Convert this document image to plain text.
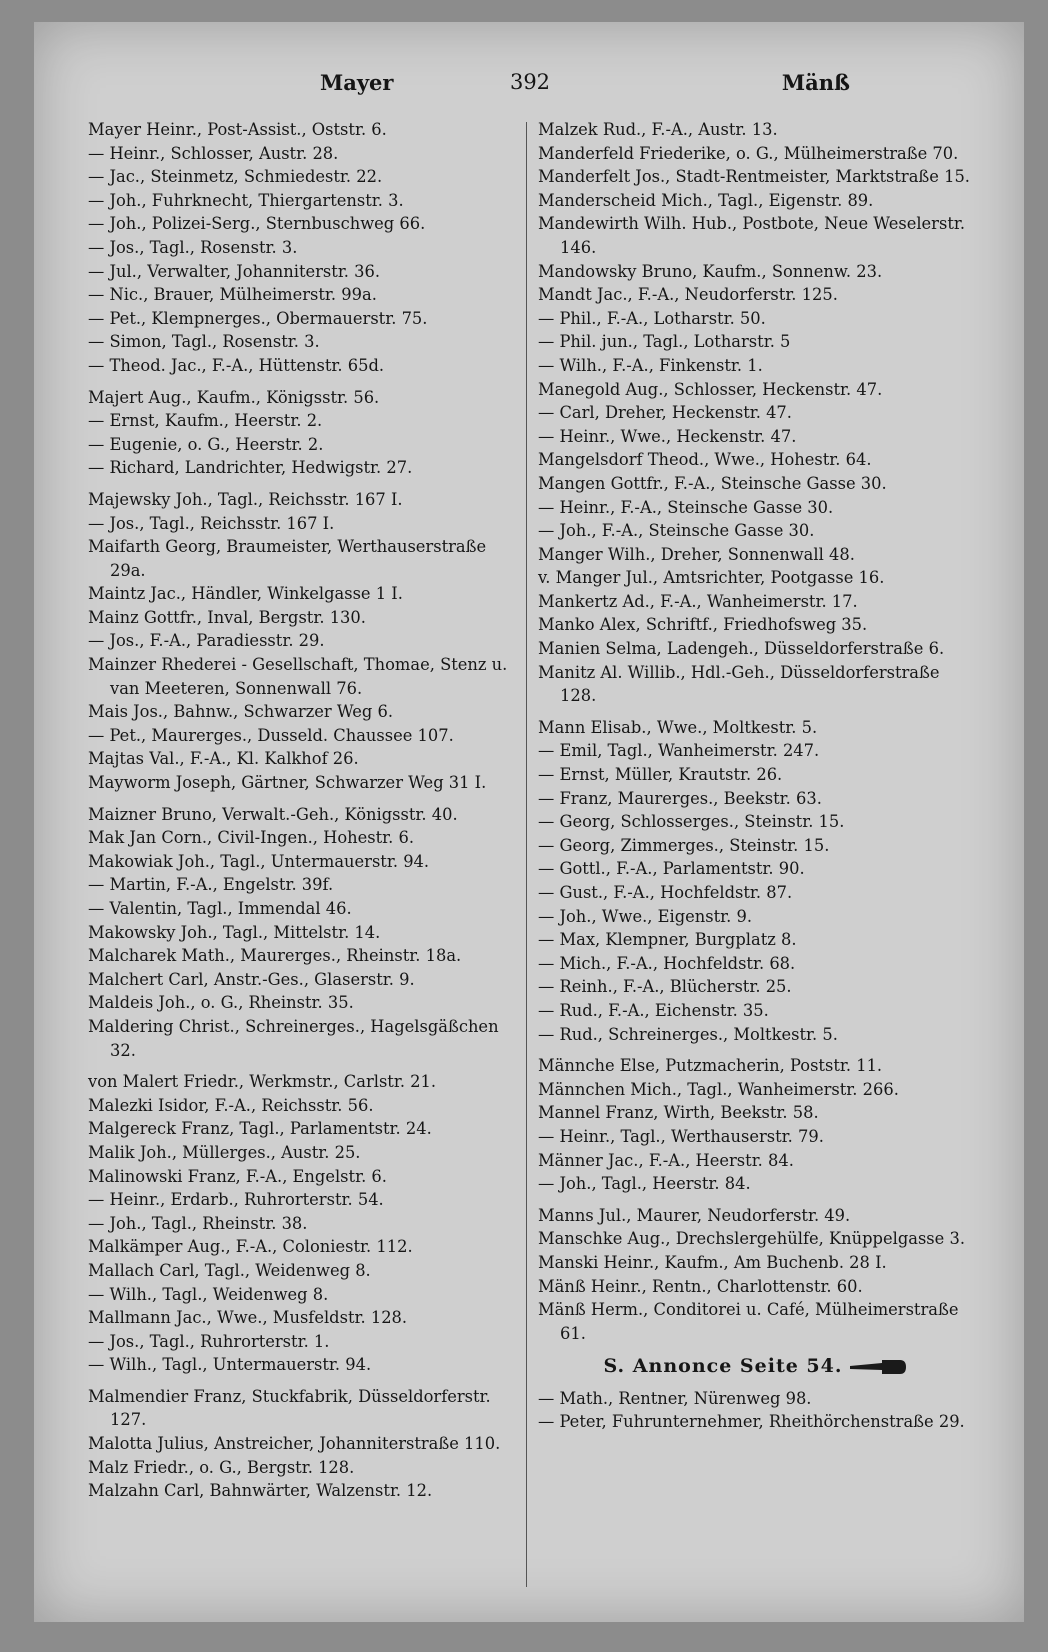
Mayer	392	Mänß

Mayer Heinr., Post-Assist., Oststr. 6.

— Heinr., Schlosser, Austr. 28.

— Jac., Steinmetz, Schmiedestr. 22.

— Joh., Fuhrknecht, Thiergartenstr. 3.

— Joh., Polizei-Serg., Sternbuschweg 66.

— Jos., Tagl., Rosenstr. 3.

— Jul., Verwalter, Johanniterstr. 36.

— Nic., Brauer, Mülheimerstr. 99a.

— Pet., Klempnerges., Obermauerstr. 75.

— Simon, Tagl., Rosenstr. 3.

— Theod. Jac., F.-A., Hüttenstr. 65d.

Majert Aug., Kaufm., Königsstr. 56.

— Ernst, Kaufm., Heerstr. 2.

— Eugenie, o. G., Heerstr. 2.

— Richard, Landrichter, Hedwigstr. 27.

Majewsky Joh., Tagl., Reichsstr. 167 I.

— Jos., Tagl., Reichsstr. 167 I.

Maifarth Georg, Braumeister, Werthauserstraße 29a.

Maintz Jac., Händler, Winkelgasse 1 I.

Mainz Gottfr., Inval, Bergstr. 130.

— Jos., F.-A., Paradiesstr. 29.

Mainzer Rhederei - Gesellschaft, Thomae, Stenz u. van Meeteren, Sonnenwall 76.

Mais Jos., Bahnw., Schwarzer Weg 6.

— Pet., Maurerges., Dusseld. Chaussee 107.

Majtas Val., F.-A., Kl. Kalkhof 26.

Mayworm Joseph, Gärtner, Schwarzer Weg 31 I.

Maizner Bruno, Verwalt.-Geh., Königsstr. 40.

Mak Jan Corn., Civil-Ingen., Hohestr. 6.

Makowiak Joh., Tagl., Untermauerstr. 94.

— Martin, F.-A., Engelstr. 39f.

— Valentin, Tagl., Immendal 46.

Makowsky Joh., Tagl., Mittelstr. 14.

Malcharek Math., Maurerges., Rheinstr. 18a.

Malchert Carl, Anstr.-Ges., Glaserstr. 9.

Maldeis Joh., o. G., Rheinstr. 35.

Maldering Christ., Schreinerges., Hagelsgäßchen 32.

von Malert Friedr., Werkmstr., Carlstr. 21.

Malezki Isidor, F.-A., Reichsstr. 56.

Malgereck Franz, Tagl., Parlamentstr. 24.

Malik Joh., Müllerges., Austr. 25.

Malinowski Franz, F.-A., Engelstr. 6.

— Heinr., Erdarb., Ruhrorterstr. 54.

— Joh., Tagl., Rheinstr. 38.

Malkämper Aug., F.-A., Coloniestr. 112.

Mallach Carl, Tagl., Weidenweg 8.

— Wilh., Tagl., Weidenweg 8.

Mallmann Jac., Wwe., Musfeldstr. 128.

— Jos., Tagl., Ruhrorterstr. 1.

— Wilh., Tagl., Untermauerstr. 94.

Malmendier Franz, Stuckfabrik, Düsseldorferstr. 127.

Malotta Julius, Anstreicher, Johanniterstraße 110.

Malz Friedr., o. G., Bergstr. 128.

Malzahn Carl, Bahnwärter, Walzenstr. 12.

Malzek Rud., F.-A., Austr. 13.

Manderfeld Friederike, o. G., Mülheimerstraße 70.

Manderfelt Jos., Stadt-Rentmeister, Marktstraße 15.

Manderscheid Mich., Tagl., Eigenstr. 89.

Mandewirth Wilh. Hub., Postbote, Neue Weselerstr. 146.

Mandowsky Bruno, Kaufm., Sonnenw. 23.

Mandt Jac., F.-A., Neudorferstr. 125.

— Phil., F.-A., Lotharstr. 50.

— Phil. jun., Tagl., Lotharstr. 5

— Wilh., F.-A., Finkenstr. 1.

Manegold Aug., Schlosser, Heckenstr. 47.

— Carl, Dreher, Heckenstr. 47.

— Heinr., Wwe., Heckenstr. 47.

Mangelsdorf Theod., Wwe., Hohestr. 64.

Mangen Gottfr., F.-A., Steinsche Gasse 30.

— Heinr., F.-A., Steinsche Gasse 30.

— Joh., F.-A., Steinsche Gasse 30.

Manger Wilh., Dreher, Sonnenwall 48.

v. Manger Jul., Amtsrichter, Pootgasse 16.

Mankertz Ad., F.-A., Wanheimerstr. 17.

Manko Alex, Schriftf., Friedhofsweg 35.

Manien Selma, Ladengeh., Düsseldorferstraße 6.

Manitz Al. Willib., Hdl.-Geh., Düsseldorferstraße 128.

Mann Elisab., Wwe., Moltkestr. 5.

— Emil, Tagl., Wanheimerstr. 247.

— Ernst, Müller, Krautstr. 26.

— Franz, Maurerges., Beekstr. 63.

— Georg, Schlosserges., Steinstr. 15.

— Georg, Zimmerges., Steinstr. 15.

— Gottl., F.-A., Parlamentstr. 90.

— Gust., F.-A., Hochfeldstr. 87.

— Joh., Wwe., Eigenstr. 9.

— Max, Klempner, Burgplatz 8.

— Mich., F.-A., Hochfeldstr. 68.

— Reinh., F.-A., Blücherstr. 25.

— Rud., F.-A., Eichenstr. 35.

— Rud., Schreinerges., Moltkestr. 5.

Männche Else, Putzmacherin, Poststr. 11.

Männchen Mich., Tagl., Wanheimerstr. 266.

Mannel Franz, Wirth, Beekstr. 58.

— Heinr., Tagl., Werthauserstr. 79.

Männer Jac., F.-A., Heerstr. 84.

— Joh., Tagl., Heerstr. 84.

Manns Jul., Maurer, Neudorferstr. 49.

Manschke Aug., Drechslergehülfe, Knüppelgasse 3.

Manski Heinr., Kaufm., Am Buchenb. 28 I.

Mänß Heinr., Rentn., Charlottenstr. 60.

Mänß Herm., Conditorei u. Café, Mülheimerstraße 61.

S. Annonce Seite 54.

— Math., Rentner, Nürenweg 98.

— Peter, Fuhrunternehmer, Rheithörchenstraße 29.
